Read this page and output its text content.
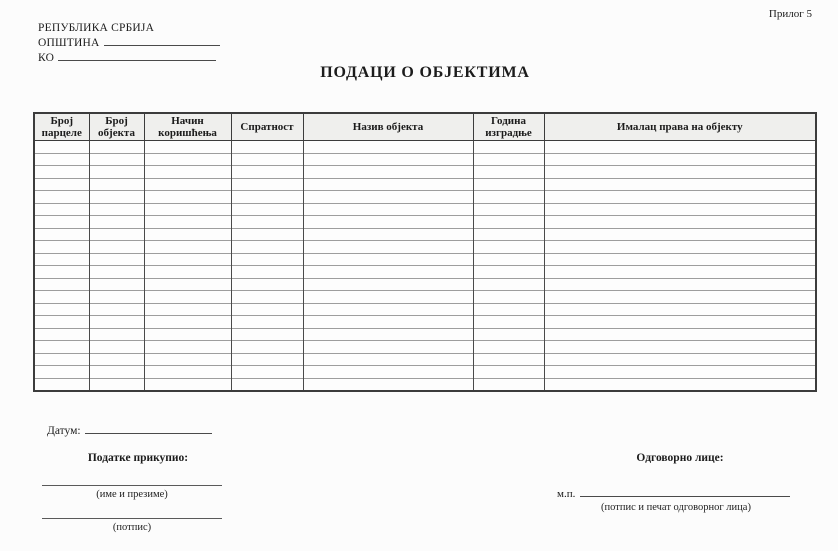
Прилог 5
РЕПУБЛИКА СРБИЈА
ОПШТИНА
КО
ПОДАЦИ О ОБЈЕКТИМА
Број парцеле	Број објекта	Начин коришћења	Спратност	Назив објекта	Година изградње	Ималац права на објекту

Датум:
Податке прикупио:
(име и презиме)
(потпис)
Одговорно лице:
м.п.
(потпис и печат одговорног лица)
